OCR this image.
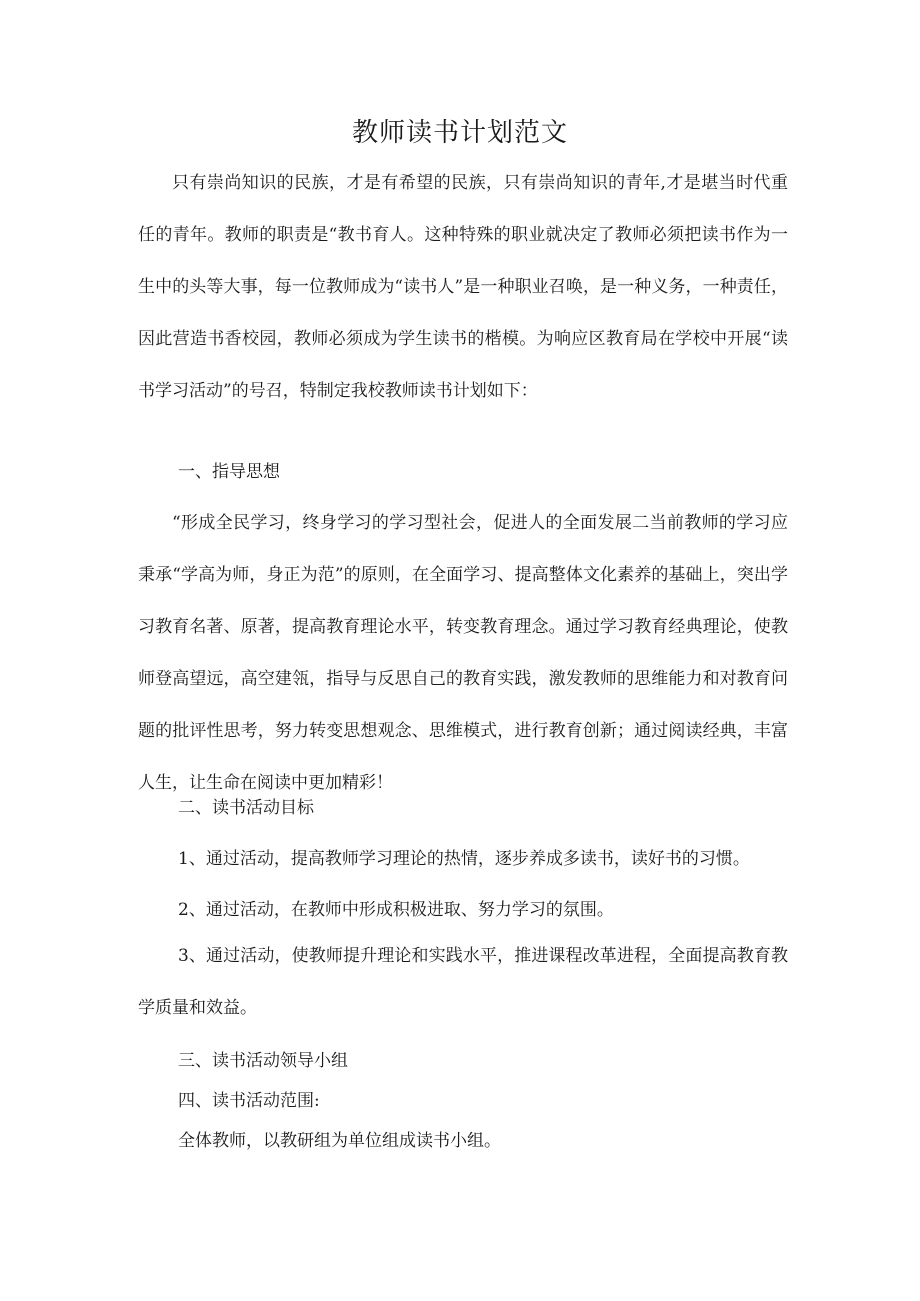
教师读书计划范文

只有崇尚知识的民族，才是有希望的民族，只有崇尚知识的青年,才是堪当时代重任的青年。教师的职责是“教书育人。这种特殊的职业就决定了教师必须把读书作为一生中的头等大事，每一位教师成为“读书人”是一种职业召唤，是一种义务，一种责任，因此营造书香校园，教师必须成为学生读书的楷模。为响应区教育局在学校中开展“读书学习活动”的号召，特制定我校教师读书计划如下：

一、指导思想

“形成全民学习，终身学习的学习型社会，促进人的全面发展二当前教师的学习应秉承“学高为师，身正为范”的原则，在全面学习、提高整体文化素养的基础上，突出学习教育名著、原著，提高教育理论水平，转变教育理念。通过学习教育经典理论，使教师登高望远，高空建瓴，指导与反思自己的教育实践，激发教师的思维能力和对教育问题的批评性思考，努力转变思想观念、思维模式，进行教育创新；通过阅读经典，丰富人生，让生命在阅读中更加精彩！

二、读书活动目标
1、通过活动，提高教师学习理论的热情，逐步养成多读书，读好书的习惯。
2、通过活动，在教师中形成积极进取、努力学习的氛围。
3、通过活动，使教师提升理论和实践水平，推进课程改革进程，全面提高教育教学质量和效益。
三、读书活动领导小组
四、读书活动范围:
全体教师，以教研组为单位组成读书小组。
